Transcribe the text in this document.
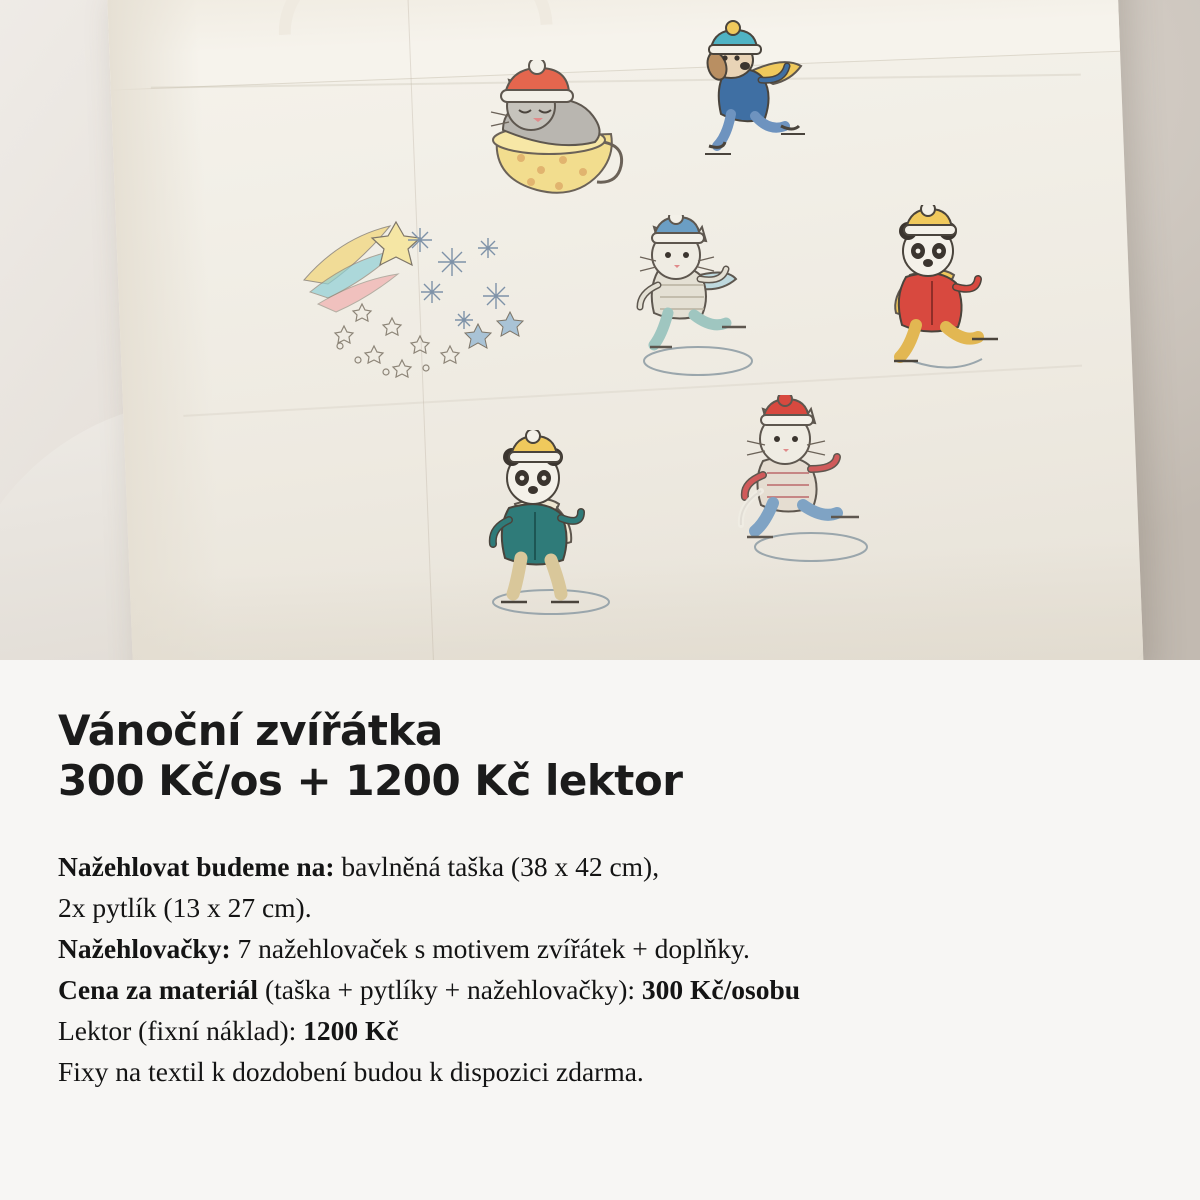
Vánoční zvířátka
300 Kč/os + 1200 Kč lektor

Nažehlovat budeme na: bavlněná taška (38 x 42 cm),

2x pytlík (13 x 27 cm).

Nažehlovačky: 7 nažehlovaček s motivem zvířátek + doplňky.

Cena za materiál (taška + pytlíky + nažehlovačky): 300 Kč/osobu

Lektor (fixní náklad): 1200 Kč

Fixy na textil k dozdobení budou k dispozici zdarma.
